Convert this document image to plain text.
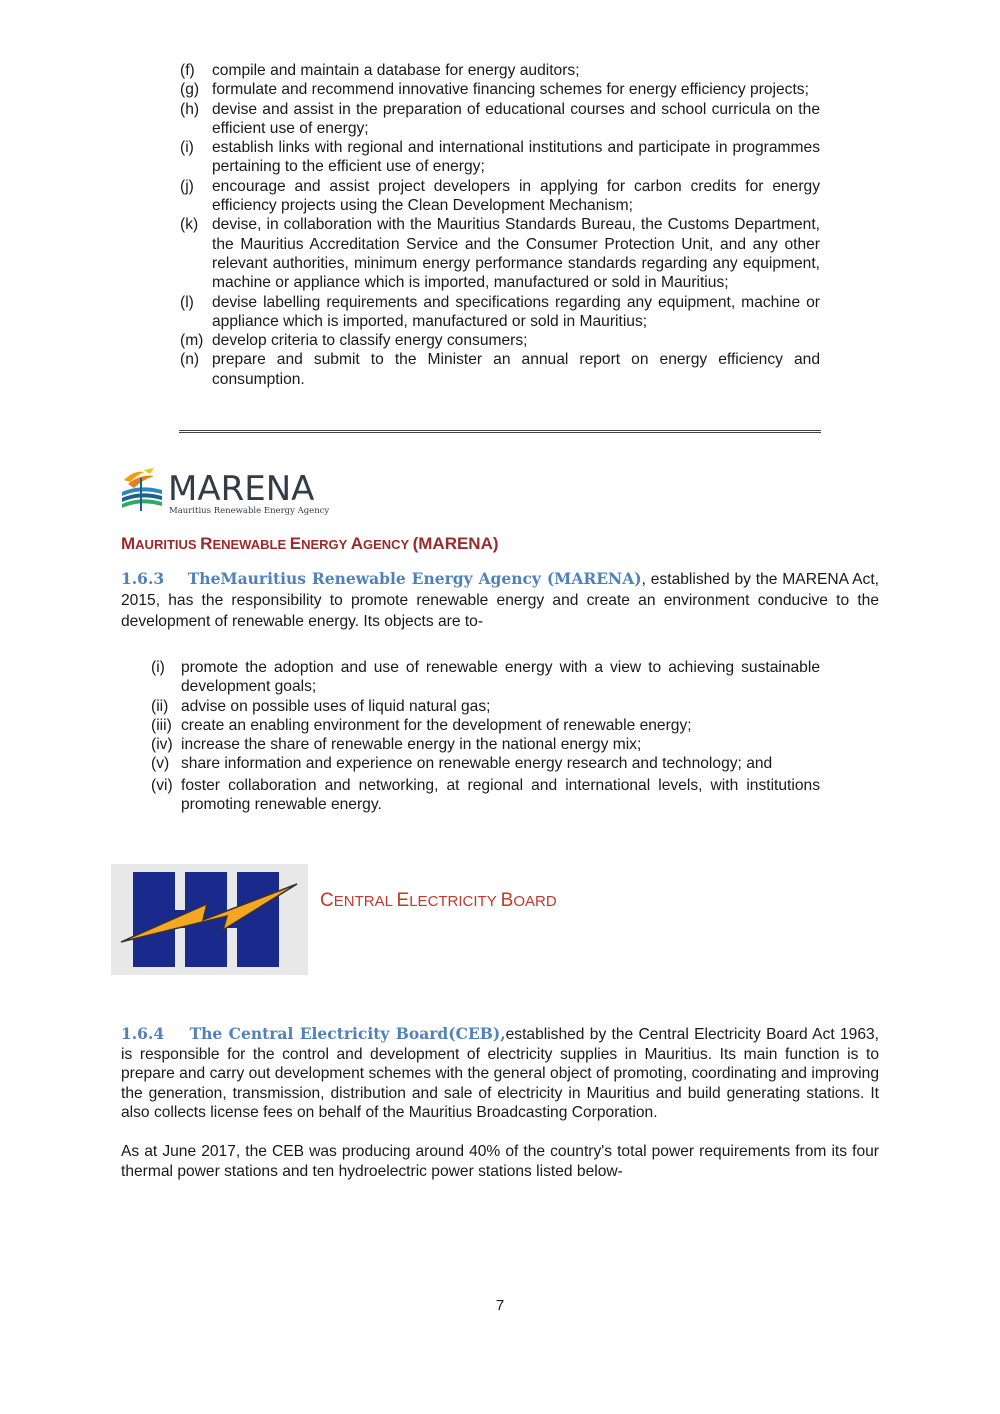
(f) compile and maintain a database for energy auditors;
(g) formulate and recommend innovative financing schemes for energy efficiency projects;
(h) devise and assist in the preparation of educational courses and school curricula on the efficient use of energy;
(i) establish links with regional and international institutions and participate in programmes pertaining to the efficient use of energy;
(j) encourage and assist project developers in applying for carbon credits for energy efficiency projects using the Clean Development Mechanism;
(k) devise, in collaboration with the Mauritius Standards Bureau, the Customs Department, the Mauritius Accreditation Service and the Consumer Protection Unit, and any other relevant authorities, minimum energy performance standards regarding any equipment, machine or appliance which is imported, manufactured or sold in Mauritius;
(l) devise labelling requirements and specifications regarding any equipment, machine or appliance which is imported, manufactured or sold in Mauritius;
(m) develop criteria to classify energy consumers;
(n) prepare and submit to the Minister an annual report on energy efficiency and consumption.
MARENA
Mauritius Renewable Energy Agency
MAURITIUS RENEWABLE ENERGY AGENCY (MARENA)

1.6.3 TheMauritius Renewable Energy Agency (MARENA), established by the MARENA Act, 2015, has the responsibility to promote renewable energy and create an environment conducive to the development of renewable energy. Its objects are to-

(i) promote the adoption and use of renewable energy with a view to achieving sustainable development goals;
(ii) advise on possible uses of liquid natural gas;
(iii) create an enabling environment for the development of renewable energy;
(iv) increase the share of renewable energy in the national energy mix;
(v) share information and experience on renewable energy research and technology; and
(vi) foster collaboration and networking, at regional and international levels, with institutions promoting renewable energy.
CENTRAL ELECTRICITY BOARD

1.6.4 The Central Electricity Board(CEB),established by the Central Electricity Board Act 1963, is responsible for the control and development of electricity supplies in Mauritius. Its main function is to prepare and carry out development schemes with the general object of promoting, coordinating and improving the generation, transmission, distribution and sale of electricity in Mauritius and build generating stations. It also collects license fees on behalf of the Mauritius Broadcasting Corporation.

As at June 2017, the CEB was producing around 40% of the country's total power requirements from its four thermal power stations and ten hydroelectric power stations listed below-

7
